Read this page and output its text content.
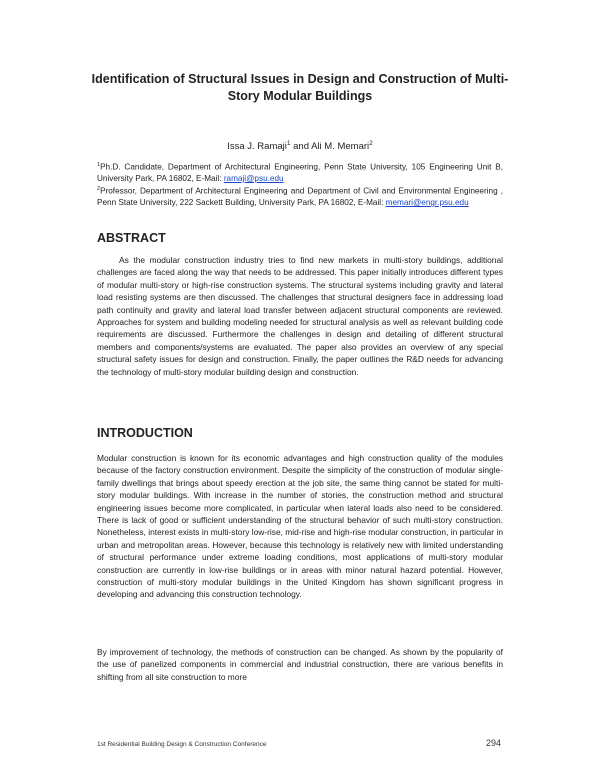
Identification of Structural Issues in Design and Construction of Multi-Story Modular Buildings
Issa J. Ramaji$^1$ and Ali M. Memari$^2$

$^1$Ph.D. Candidate, Department of Architectural Engineering, Penn State University, 105 Engineering Unit B, University Park, PA 16802, E-Mail: ramaji@psu.edu

$^2$Professor, Department of Architectural Engineering and Department of Civil and Environmental Engineering , Penn State University, 222 Sackett Building, University Park, PA 16802, E-Mail: memari@engr.psu.edu

ABSTRACT

As the modular construction industry tries to find new markets in multi-story buildings, additional challenges are faced along the way that needs to be addressed. This paper initially introduces different types of modular multi-story or high-rise construction systems. The structural systems including gravity and lateral load resisting systems are then discussed. The challenges that structural designers face in addressing load path continuity and gravity and lateral load transfer between adjacent structural components are reviewed. Approaches for system and building modeling needed for structural analysis as well as relevant building code requirements are discussed. Furthermore the challenges in design and detailing of different structural members and components/systems are evaluated. The paper also provides an overview of any special structural safety issues for design and construction. Finally, the paper outlines the R&D needs for advancing the technology of multi-story modular building design and construction.

INTRODUCTION

Modular construction is known for its economic advantages and high construction quality of the modules because of the factory construction environment. Despite the simplicity of the construction of modular single-family dwellings that brings about speedy erection at the job site, the same thing cannot be stated for multi-story modular buildings. With increase in the number of stories, the construction method and structural engineering issues become more complicated, in particular when lateral loads also need to be considered. There is lack of good or sufficient understanding of the structural behavior of such multi-story construction. Nonetheless, interest exists in multi-story low-rise, mid-rise and high-rise modular construction, in particular in urban and metropolitan areas. However, because this technology is relatively new with limited understanding of structural performance under extreme loading conditions, most applications of multi-story modular construction are currently in low-rise buildings or in areas with minor natural hazard potential. However, construction of multi-story modular buildings in the United Kingdom has shown significant progress in developing and advancing this construction technology.

By improvement of technology, the methods of construction can be changed. As shown by the popularity of the use of panelized components in commercial and industrial construction, there are various benefits in shifting from all site construction to more

1st Residential Building Design & Construction Conference	294
